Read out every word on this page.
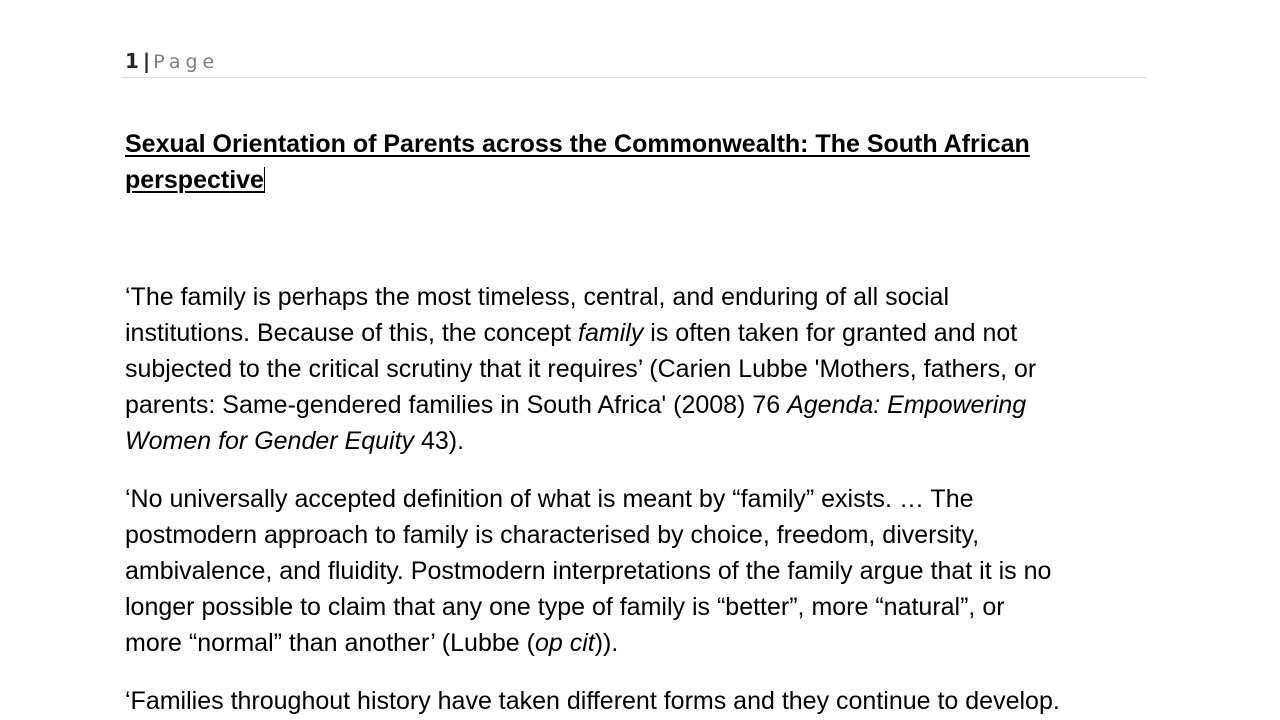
1 | Page
Sexual Orientation of Parents across the Commonwealth: The South African
perspective

‘The family is perhaps the most timeless, central, and enduring of all social
institutions. Because of this, the concept family is often taken for granted and not
subjected to the critical scrutiny that it requires’ (Carien Lubbe 'Mothers, fathers, or
parents: Same-gendered families in South Africa' (2008) 76 Agenda: Empowering
Women for Gender Equity 43).

‘No universally accepted definition of what is meant by “family” exists. … The
postmodern approach to family is characterised by choice, freedom, diversity,
ambivalence, and fluidity. Postmodern interpretations of the family argue that it is no
longer possible to claim that any one type of family is “better”, more “natural”, or
more “normal” than another’ (Lubbe (op cit)).

‘Families throughout history have taken different forms and they continue to develop.
